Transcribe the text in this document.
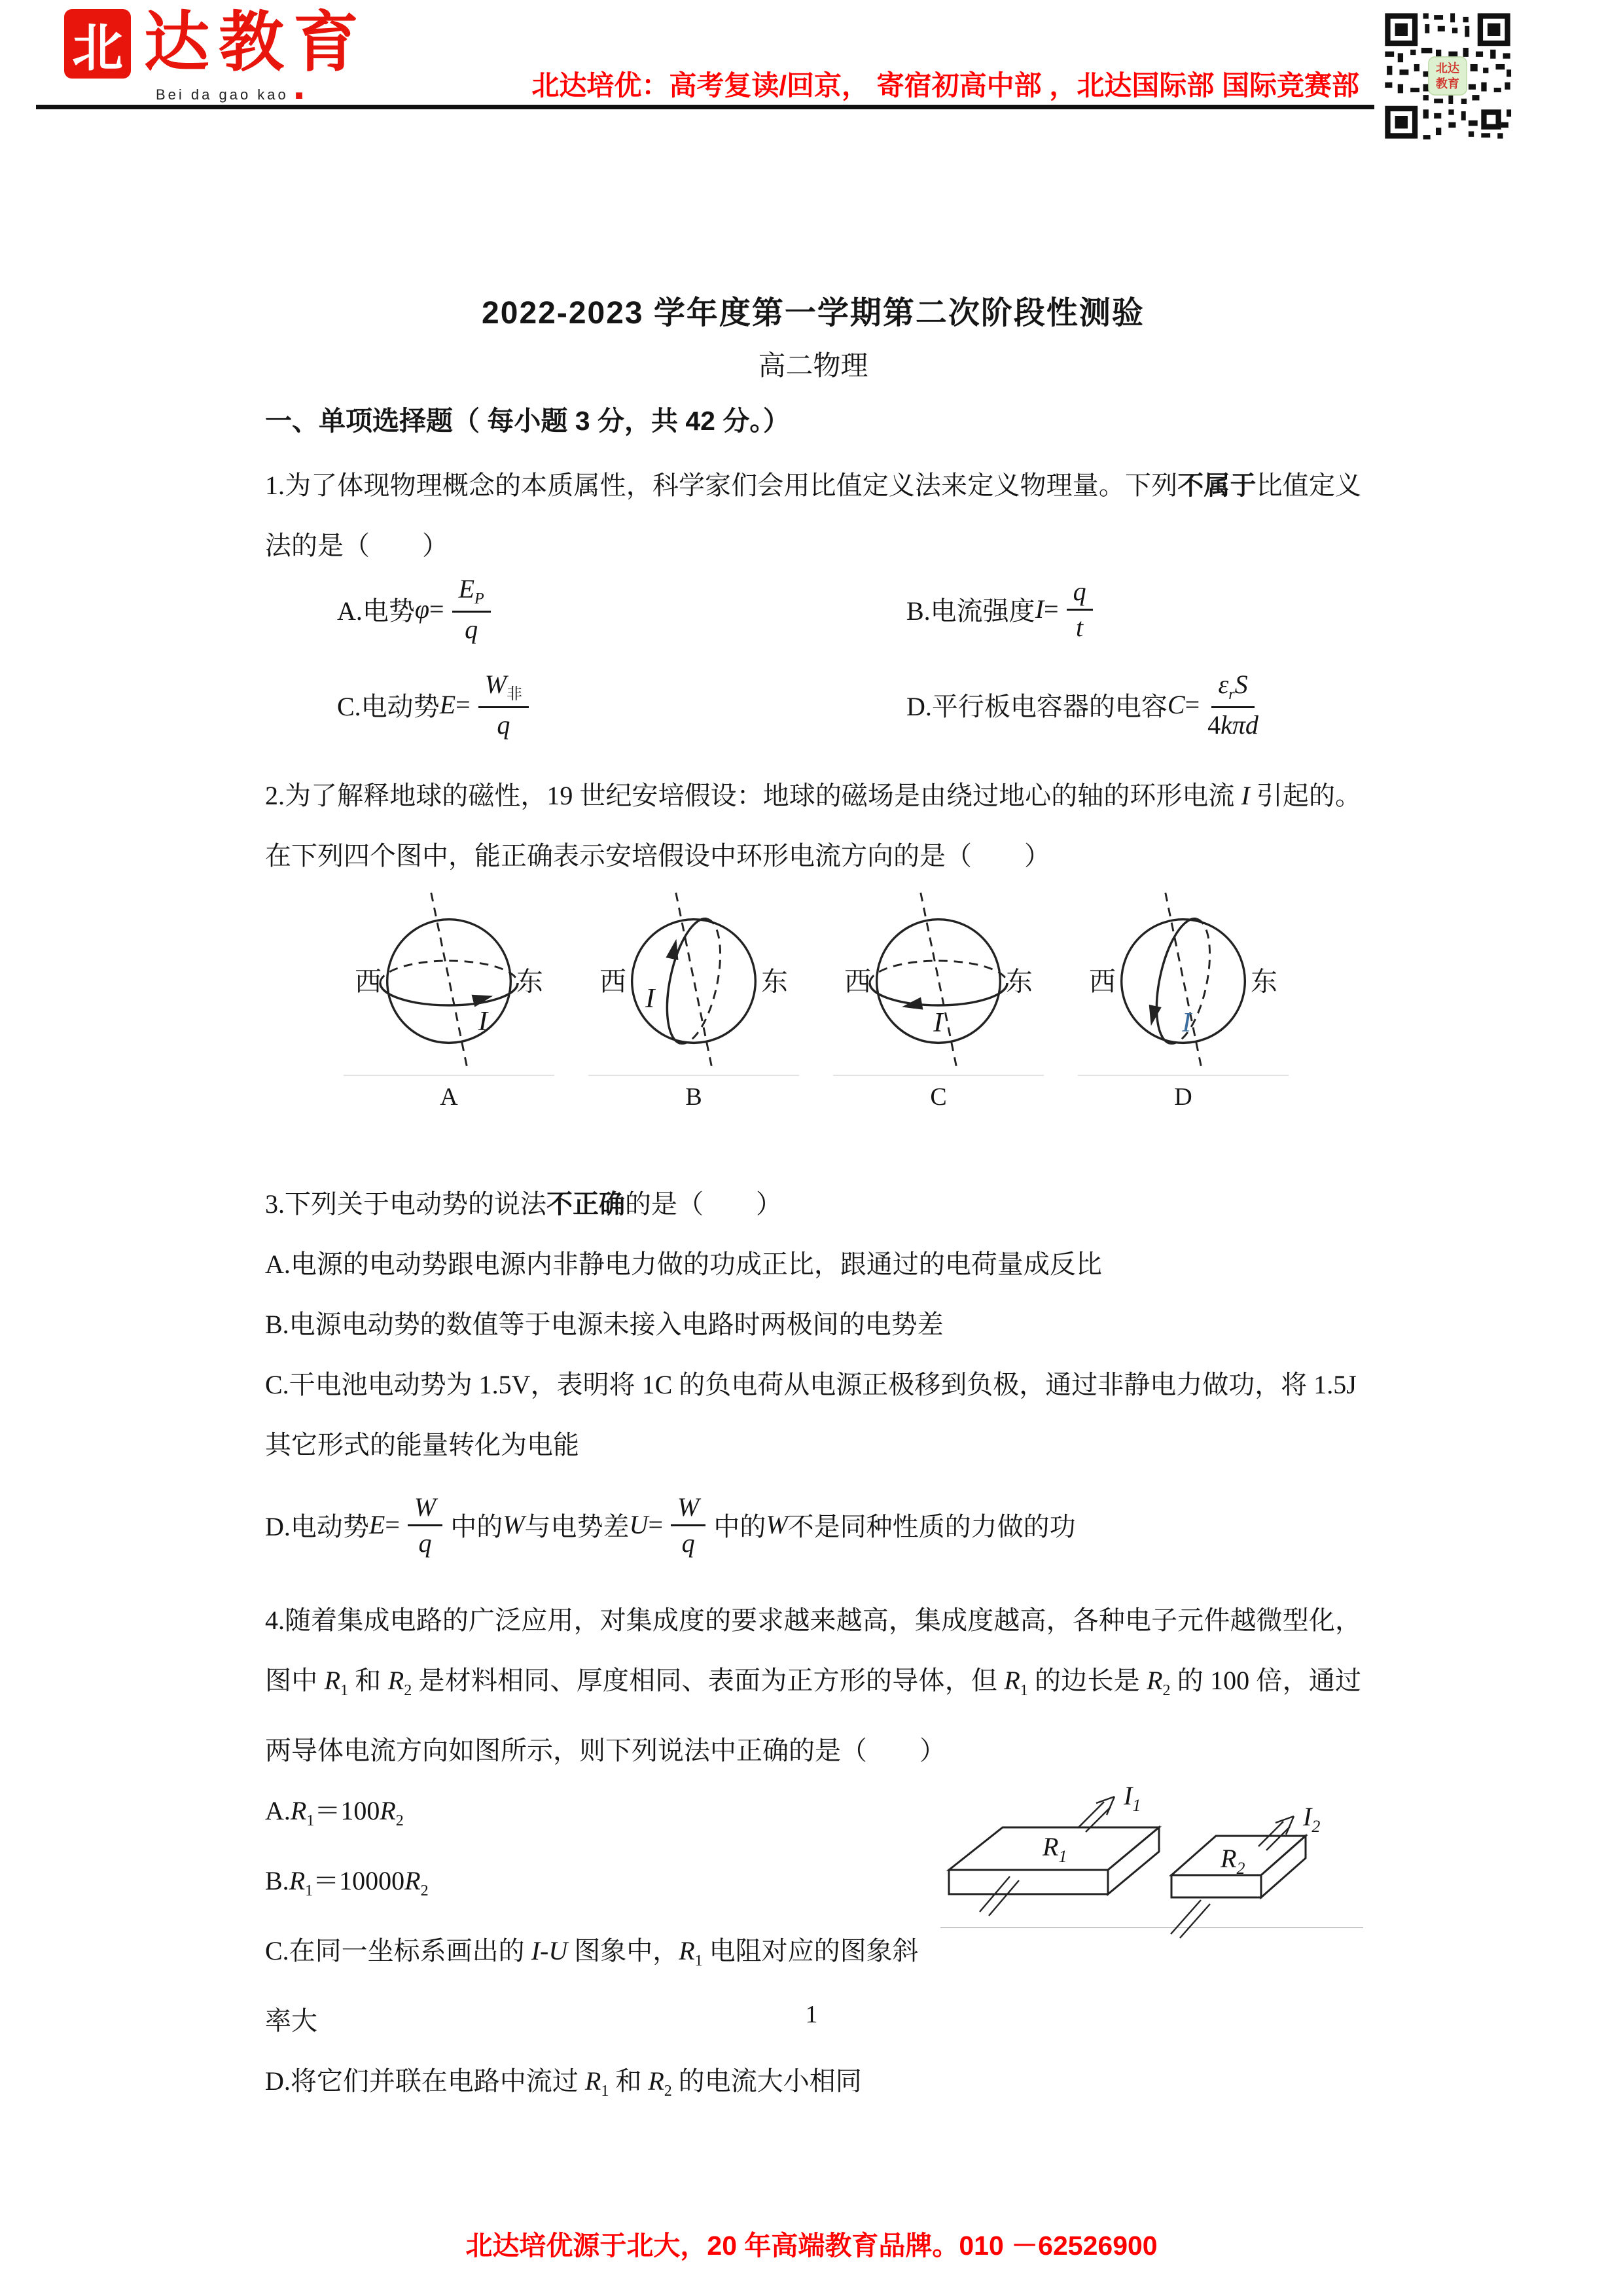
北 达教育
Bei da gao kao ■	北达培优：高考复读/回京， 寄宿初高中部 ，北达国际部 国际竞赛部
北达
教育
2022-2023 学年度第一学期第二次阶段性测验
高二物理
一、单项选择题（ 每小题 3 分，共 42 分。）

1.为了体现物理概念的本质属性，科学家们会用比值定义法来定义物理量。下列不属于比值定义法的是（　　）

A.电势 $\varphi = \frac{E_P}{q}$	B.电流强度 $I = \frac{q}{t}$
C.电动势 $E = \frac{W_非}{q}$	D.平行板电容器的电容 $C = \frac{\varepsilon_rS}{\text{4kπd}}$

2.为了解释地球的磁性，19 世纪安培假设：地球的磁场是由绕过地心的轴的环形电流 I 引起的。在下列四个图中，能正确表示安培假设中环形电流方向的是（　　）

I
西	东
A
I
西	东
B
I
西	东
C
I
西	东
D

3.下列关于电动势的说法不正确的是（　　）

A.电源的电动势跟电源内非静电力做的功成正比，跟通过的电荷量成反比

B.电源电动势的数值等于电源未接入电路时两极间的电势差

C.干电池电动势为 1.5V，表明将 1C 的负电荷从电源正极移到负极，通过非静电力做功，将 1.5J 其它形式的能量转化为电能

D.电动势 $E = \frac{W}{q}$ 中的 W 与电势差 $U = \frac{W}{q}$ 中的 W 不是同种性质的力做的功

4.随着集成电路的广泛应用，对集成度的要求越来越高，集成度越高，各种电子元件越微型化，图中 $R_1$ 和 $R_2$ 是材料相同、厚度相同、表面为正方形的导体，但 $R_1$ 的边长是 $R_2$ 的 100 倍，通过两导体电流方向如图所示，则下列说法中正确的是（　　）

$A.R_1=100R_2$

$B.R_1=10000R_2$

C.在同一坐标系画出的 I-U 图象中，$R_1$ 电阻对应的图象斜率大

$R_1$
$I_1$
$R_2$
$I_2$

D.将它们并联在电路中流过 $R_1$ 和 $R_2$ 的电流大小相同

1
北达培优源于北大，20 年高端教育品牌。010 －62526900
